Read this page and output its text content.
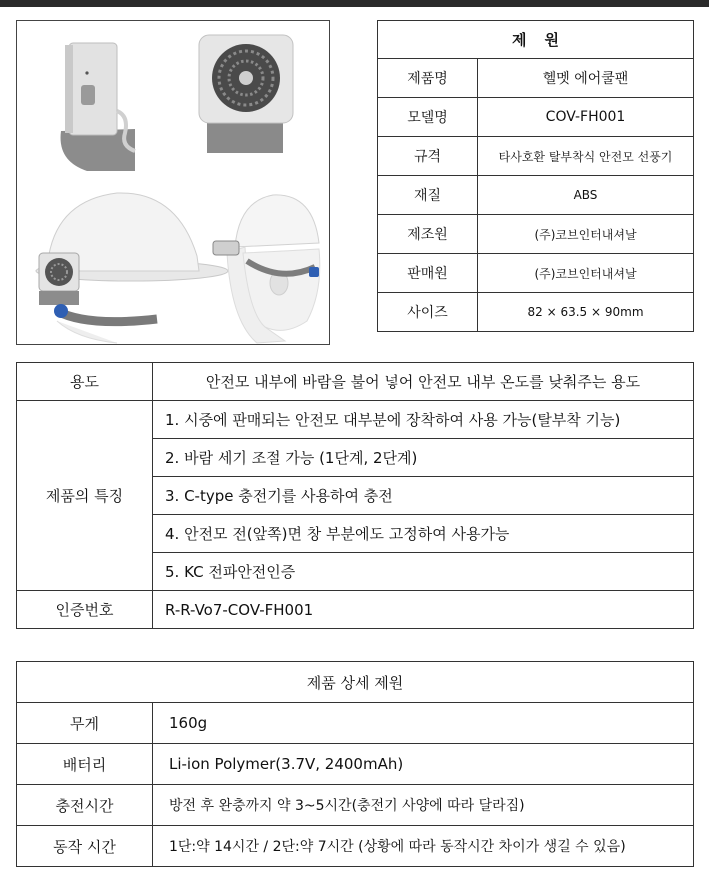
제원	
제품명	헬멧 에어쿨팬
모델명	COV-FH001
규격	타사호환 탈부착식 안전모 선풍기
재질	ABS
제조원	(주)코브인터내셔날
판매원	(주)코브인터내셔날
사이즈	82 × 63.5 × 90mm
용도	안전모 내부에 바람을 불어 넣어 안전모 내부 온도를 낮춰주는 용도
제품의 특징	1. 시중에 판매되는 안전모 대부분에 장착하여 사용 가능(탈부착 기능)
	2. 바람 세기 조절 가능 (1단계, 2단계)
	3. C-type 충전기를 사용하여 충전
	4. 안전모 전(앞쪽)면 창 부분에도 고정하여 사용가능
	5. KC 전파안전인증
인증번호	R-R-Vo7-COV-FH001
제품 상세 제원	
무게	160g
배터리	Li-ion Polymer(3.7V, 2400mAh)
충전시간	방전 후 완충까지 약 3~5시간(충전기 사양에 따라 달라짐)
동작 시간	1단:약 14시간 / 2단:약 7시간 (상황에 따라 동작시간 차이가 생길 수 있음)
